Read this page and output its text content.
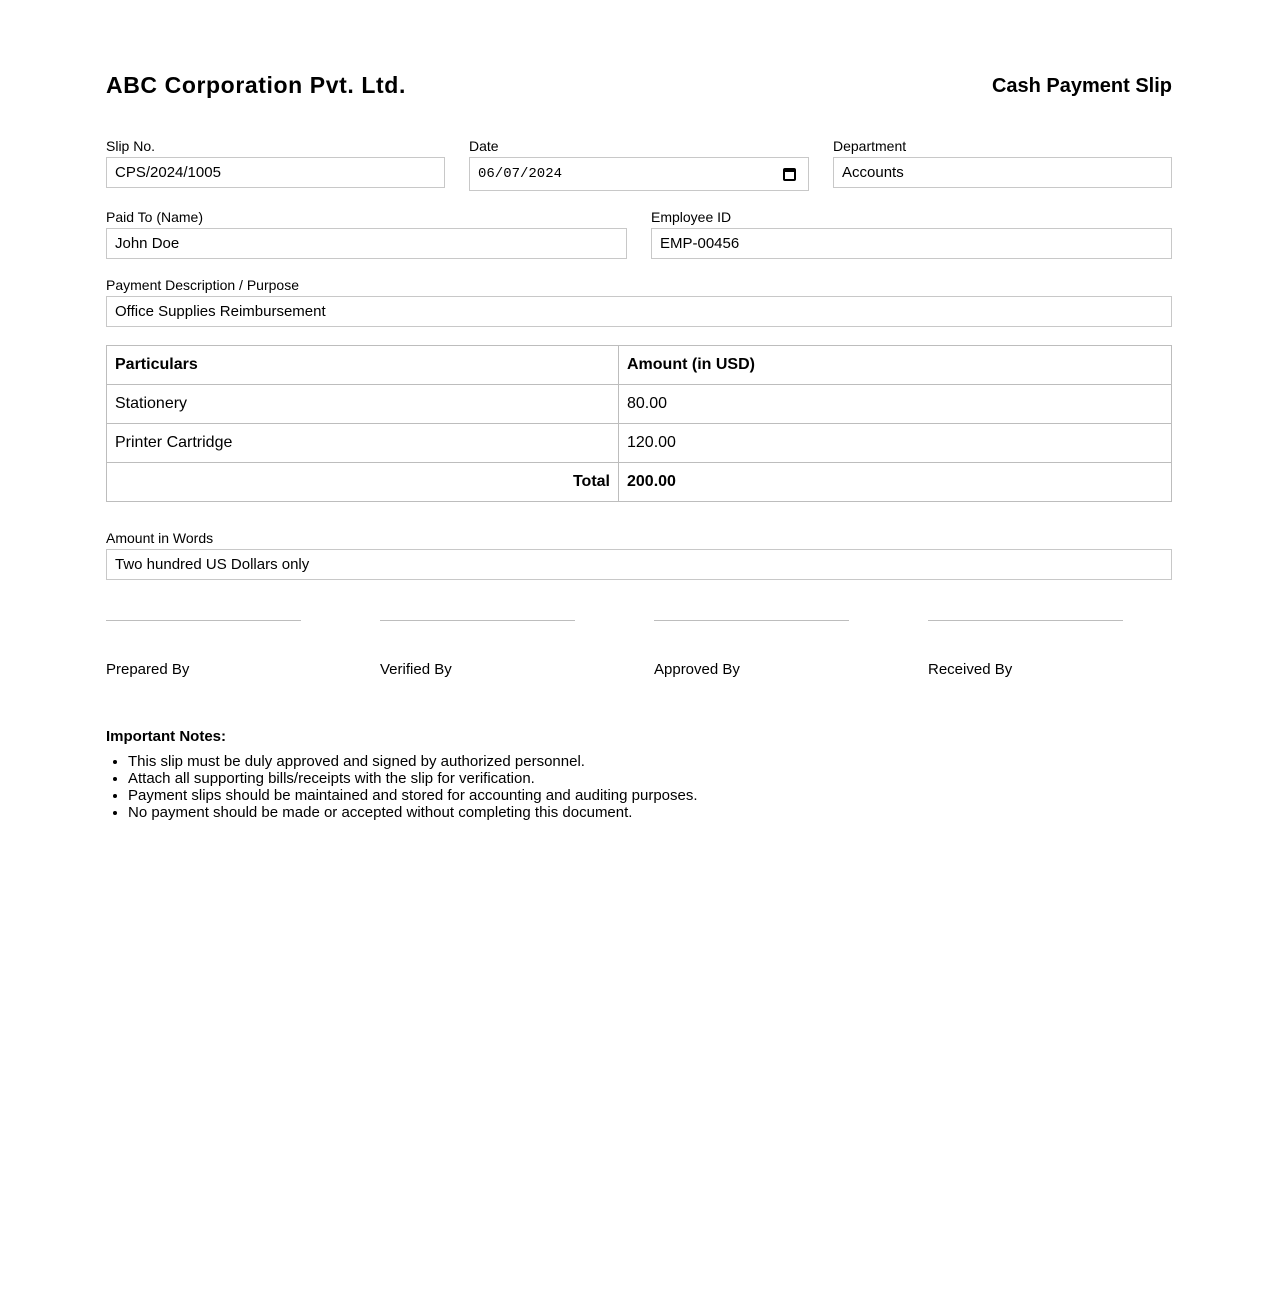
ABC Corporation Pvt. Ltd.	Cash Payment Slip
Slip No.
CPS/2024/1005
Date
06/07/2024
Department
Accounts
Paid To (Name)
John Doe
Employee ID
EMP-00456
Payment Description / Purpose
Office Supplies Reimbursement
Particulars	Amount (in USD)
Stationery	80.00
Printer Cartridge	120.00
Total	200.00
Amount in Words
Two hundred US Dollars only
Prepared By	Verified By	Approved By	Received By
Important Notes:
• This slip must be duly approved and signed by authorized personnel.
• Attach all supporting bills/receipts with the slip for verification.
• Payment slips should be maintained and stored for accounting and auditing purposes.
• No payment should be made or accepted without completing this document.
